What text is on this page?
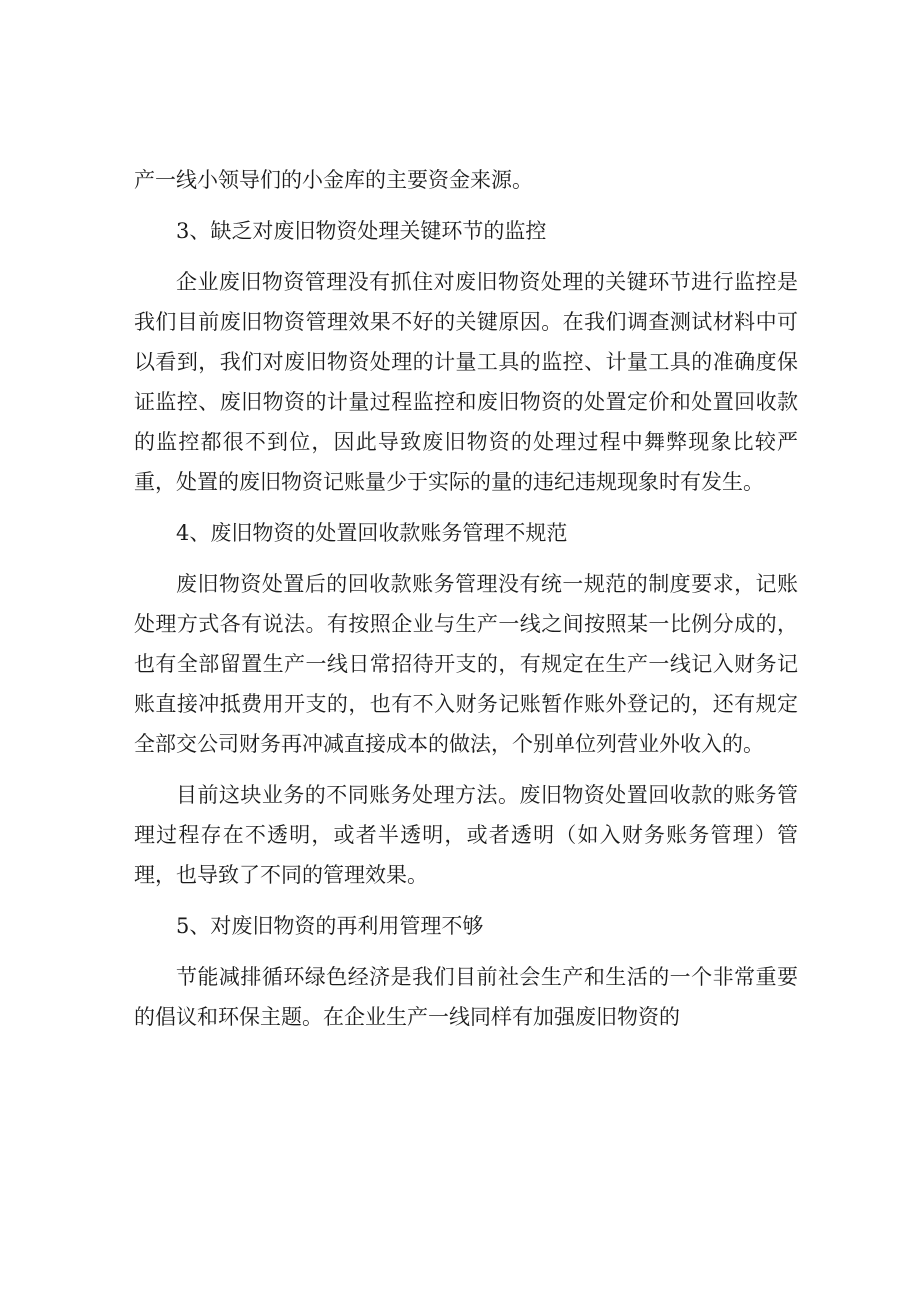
产一线小领导们的小金库的主要资金来源。

3、缺乏对废旧物资处理关键环节的监控

企业废旧物资管理没有抓住对废旧物资处理的关键环节进行监控是我们目前废旧物资管理效果不好的关键原因。在我们调查测试材料中可以看到，我们对废旧物资处理的计量工具的监控、计量工具的准确度保证监控、废旧物资的计量过程监控和废旧物资的处置定价和处置回收款的监控都很不到位，因此导致废旧物资的处理过程中舞弊现象比较严重，处置的废旧物资记账量少于实际的量的违纪违规现象时有发生。

4、废旧物资的处置回收款账务管理不规范

废旧物资处置后的回收款账务管理没有统一规范的制度要求，记账处理方式各有说法。有按照企业与生产一线之间按照某一比例分成的，也有全部留置生产一线日常招待开支的，有规定在生产一线记入财务记账直接冲抵费用开支的，也有不入财务记账暂作账外登记的，还有规定全部交公司财务再冲减直接成本的做法，个别单位列营业外收入的。

目前这块业务的不同账务处理方法。废旧物资处置回收款的账务管理过程存在不透明，或者半透明，或者透明（如入财务账务管理）管理，也导致了不同的管理效果。

5、对废旧物资的再利用管理不够

节能减排循环绿色经济是我们目前社会生产和生活的一个非常重要的倡议和环保主题。在企业生产一线同样有加强废旧物资的
